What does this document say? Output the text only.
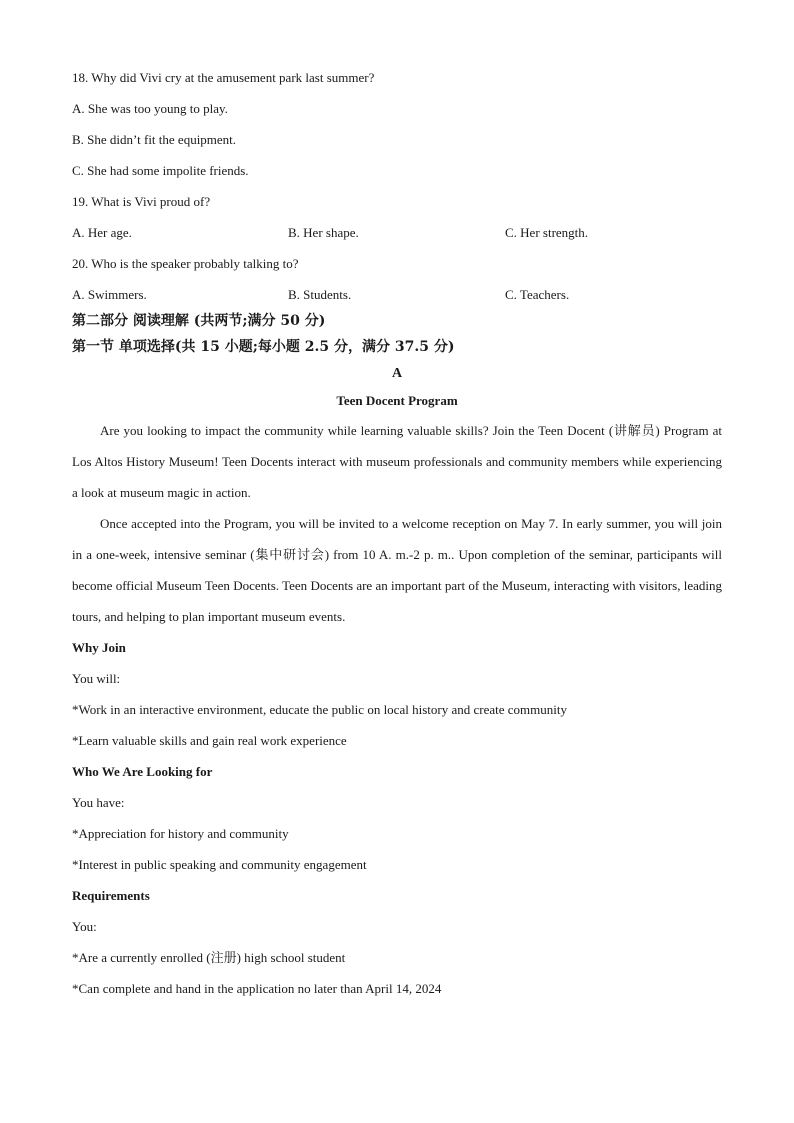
18. Why did Vivi cry at the amusement park last summer?
A. She was too young to play.
B. She didn’t fit the equipment.
C. She had some impolite friends.
19. What is Vivi proud of?
A. Her age.	B. Her shape.	C. Her strength.
20. Who is the speaker probably talking to?
A. Swimmers.	B. Students.	C. Teachers.
第二部分 阅读理解 (共两节;满分 50 分)
第一节 单项选择(共 15 小题;每小题 2.5 分，满分 37.5 分)
A
Teen Docent Program

Are you looking to impact the community while learning valuable skills? Join the Teen Docent (讲解员) Program at Los Altos History Museum! Teen Docents interact with museum professionals and community members while experiencing a look at museum magic in action.

Once accepted into the Program, you will be invited to a welcome reception on May 7. In early summer, you will join in a one-week, intensive seminar (集中研讨会) from 10 A. m.-2 p. m.. Upon completion of the seminar, participants will become official Museum Teen Docents. Teen Docents are an important part of the Museum, interacting with visitors, leading tours, and helping to plan important museum events.

Why Join
You will:
*Work in an interactive environment, educate the public on local history and create community
*Learn valuable skills and gain real work experience
Who We Are Looking for
You have:
*Appreciation for history and community
*Interest in public speaking and community engagement
Requirements
You:
*Are a currently enrolled (注册) high school student
*Can complete and hand in the application no later than April 14, 2024
